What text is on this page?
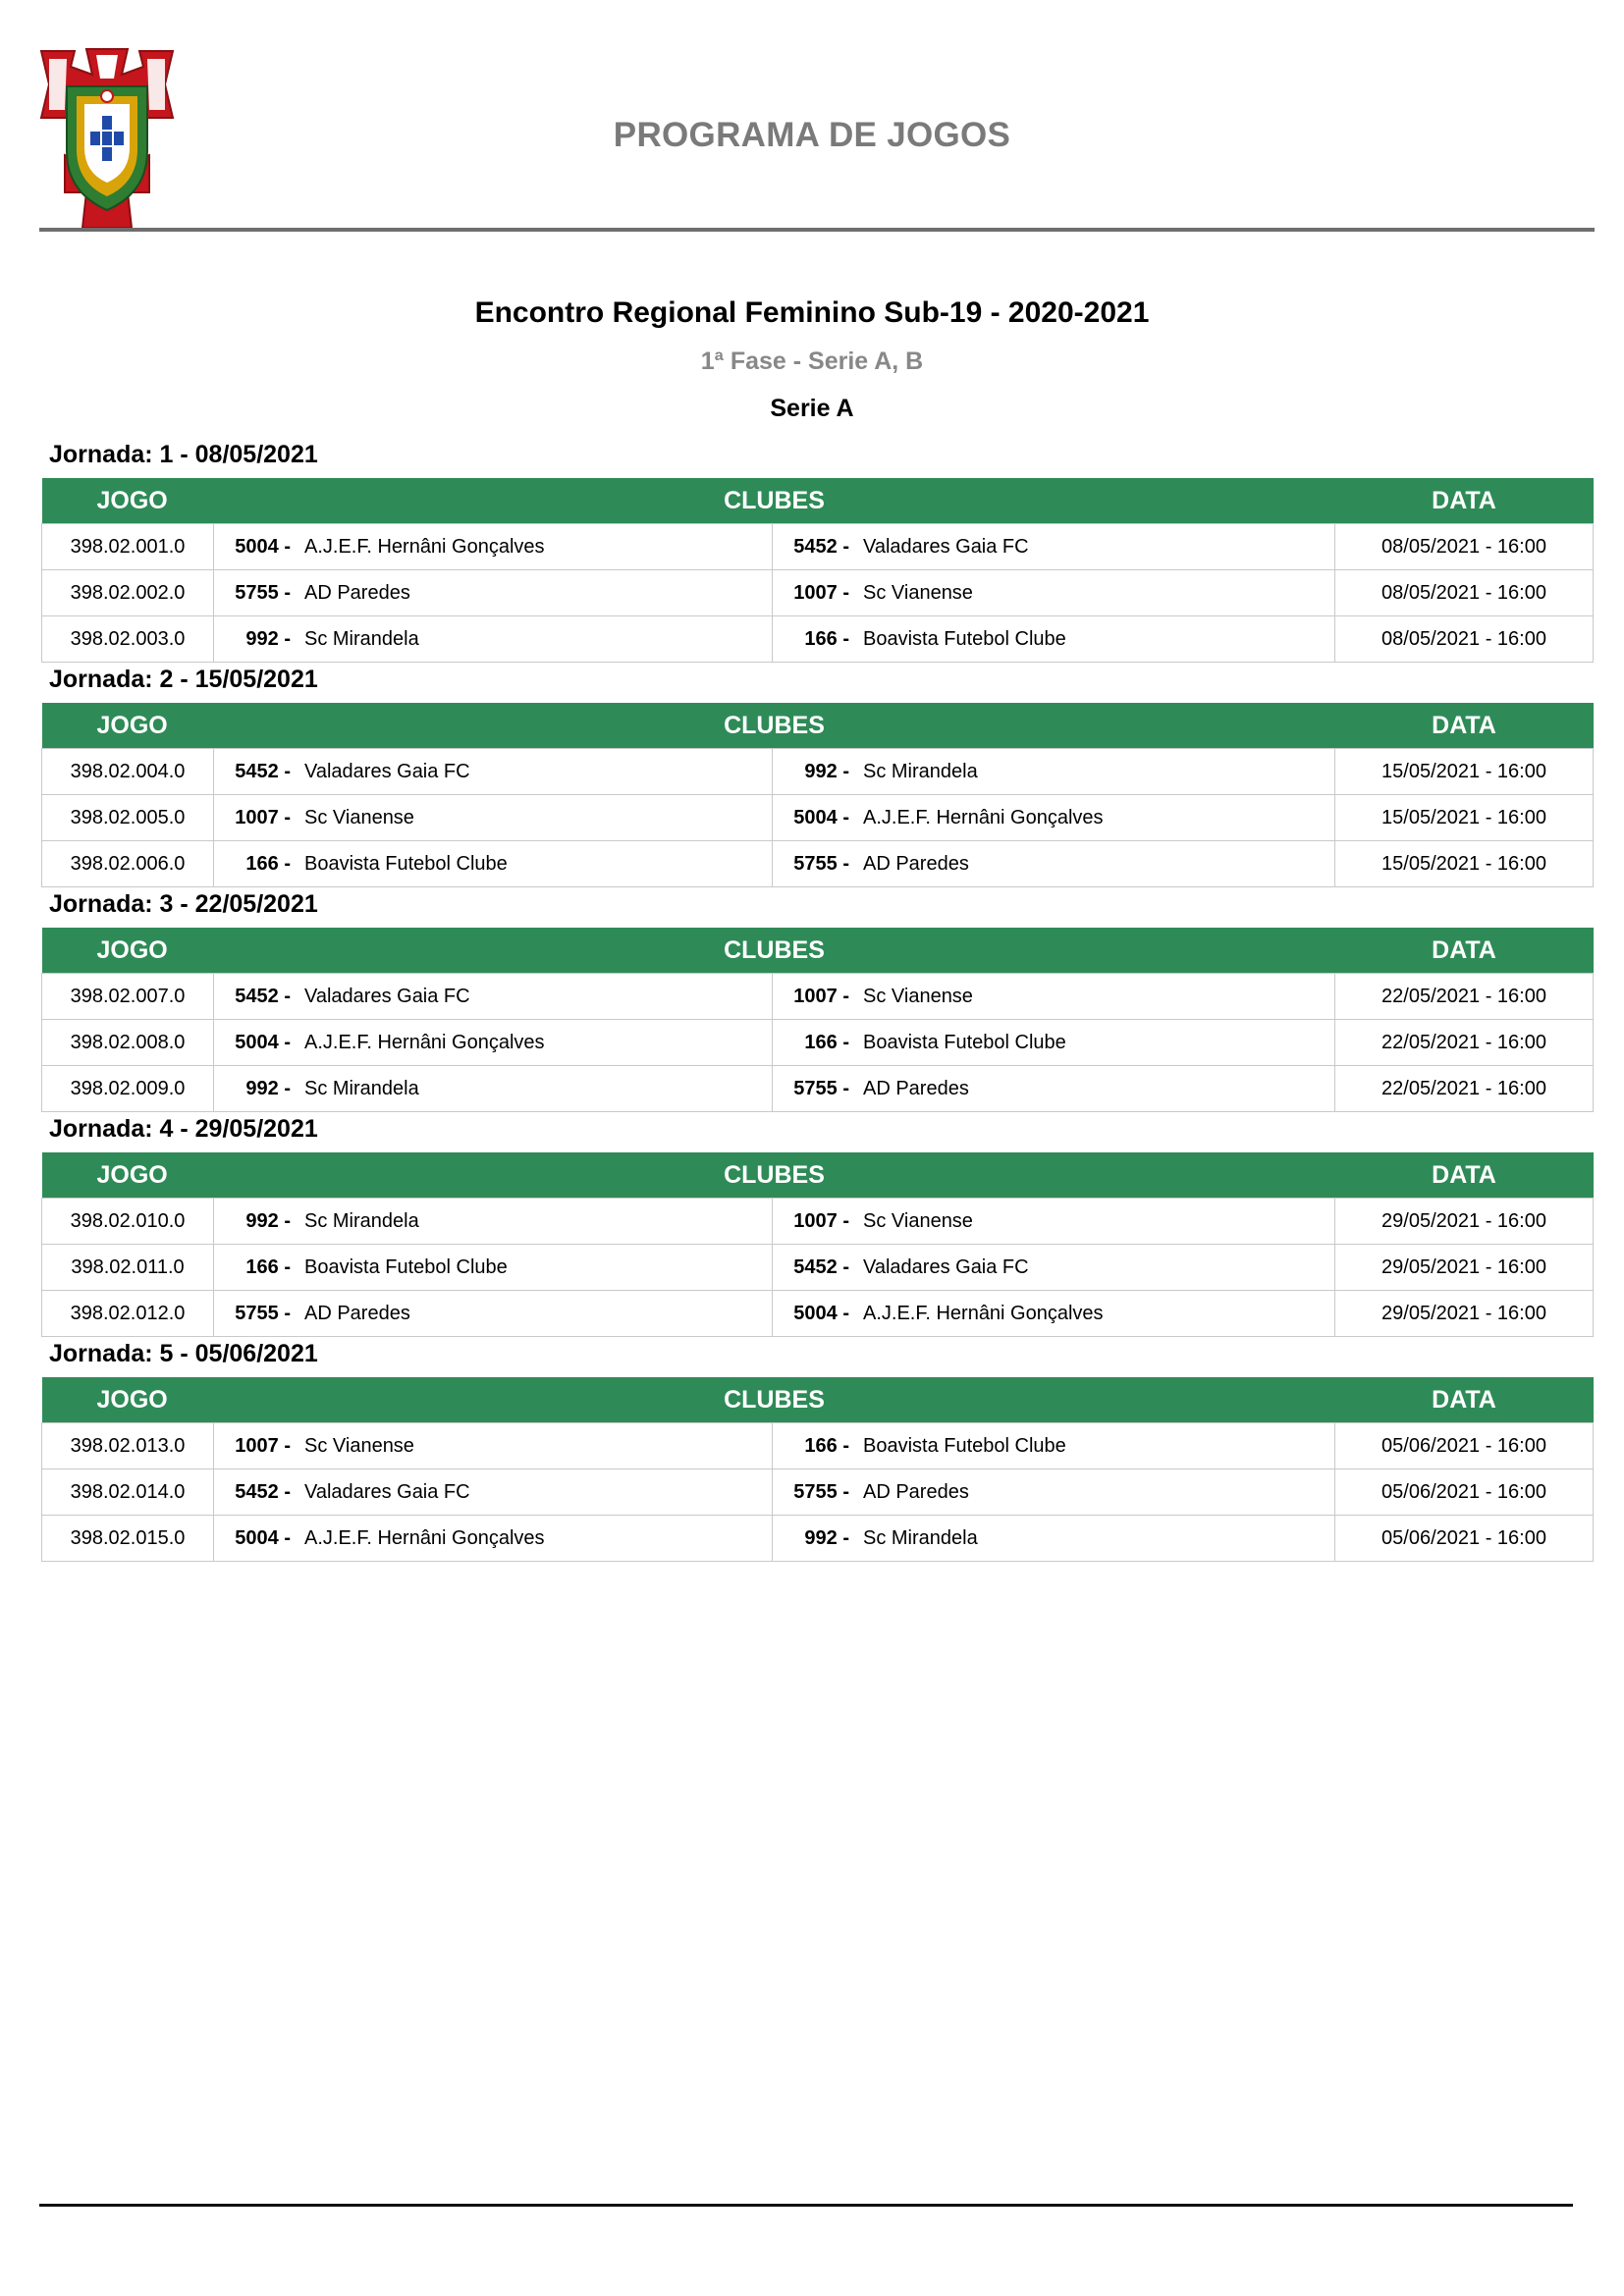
PROGRAMA DE JOGOS
Encontro Regional Feminino Sub-19 - 2020-2021
1ª Fase - Serie A, B
Serie A
Jornada: 1 - 08/05/2021
JOGO	CLUBES		DATA
398.02.001.0	5004 - A.J.E.F. Hernâni Gonçalves	5452 - Valadares Gaia FC	08/05/2021 - 16:00
398.02.002.0	5755 - AD Paredes	1007 - Sc Vianense	08/05/2021 - 16:00
398.02.003.0	992 - Sc Mirandela	166 - Boavista Futebol Clube	08/05/2021 - 16:00
Jornada: 2 - 15/05/2021
JOGO	CLUBES		DATA
398.02.004.0	5452 - Valadares Gaia FC	992 - Sc Mirandela	15/05/2021 - 16:00
398.02.005.0	1007 - Sc Vianense	5004 - A.J.E.F. Hernâni Gonçalves	15/05/2021 - 16:00
398.02.006.0	166 - Boavista Futebol Clube	5755 - AD Paredes	15/05/2021 - 16:00
Jornada: 3 - 22/05/2021
JOGO	CLUBES		DATA
398.02.007.0	5452 - Valadares Gaia FC	1007 - Sc Vianense	22/05/2021 - 16:00
398.02.008.0	5004 - A.J.E.F. Hernâni Gonçalves	166 - Boavista Futebol Clube	22/05/2021 - 16:00
398.02.009.0	992 - Sc Mirandela	5755 - AD Paredes	22/05/2021 - 16:00
Jornada: 4 - 29/05/2021
JOGO	CLUBES		DATA
398.02.010.0	992 - Sc Mirandela	1007 - Sc Vianense	29/05/2021 - 16:00
398.02.011.0	166 - Boavista Futebol Clube	5452 - Valadares Gaia FC	29/05/2021 - 16:00
398.02.012.0	5755 - AD Paredes	5004 - A.J.E.F. Hernâni Gonçalves	29/05/2021 - 16:00
Jornada: 5 - 05/06/2021
JOGO	CLUBES		DATA
398.02.013.0	1007 - Sc Vianense	166 - Boavista Futebol Clube	05/06/2021 - 16:00
398.02.014.0	5452 - Valadares Gaia FC	5755 - AD Paredes	05/06/2021 - 16:00
398.02.015.0	5004 - A.J.E.F. Hernâni Gonçalves	992 - Sc Mirandela	05/06/2021 - 16:00
